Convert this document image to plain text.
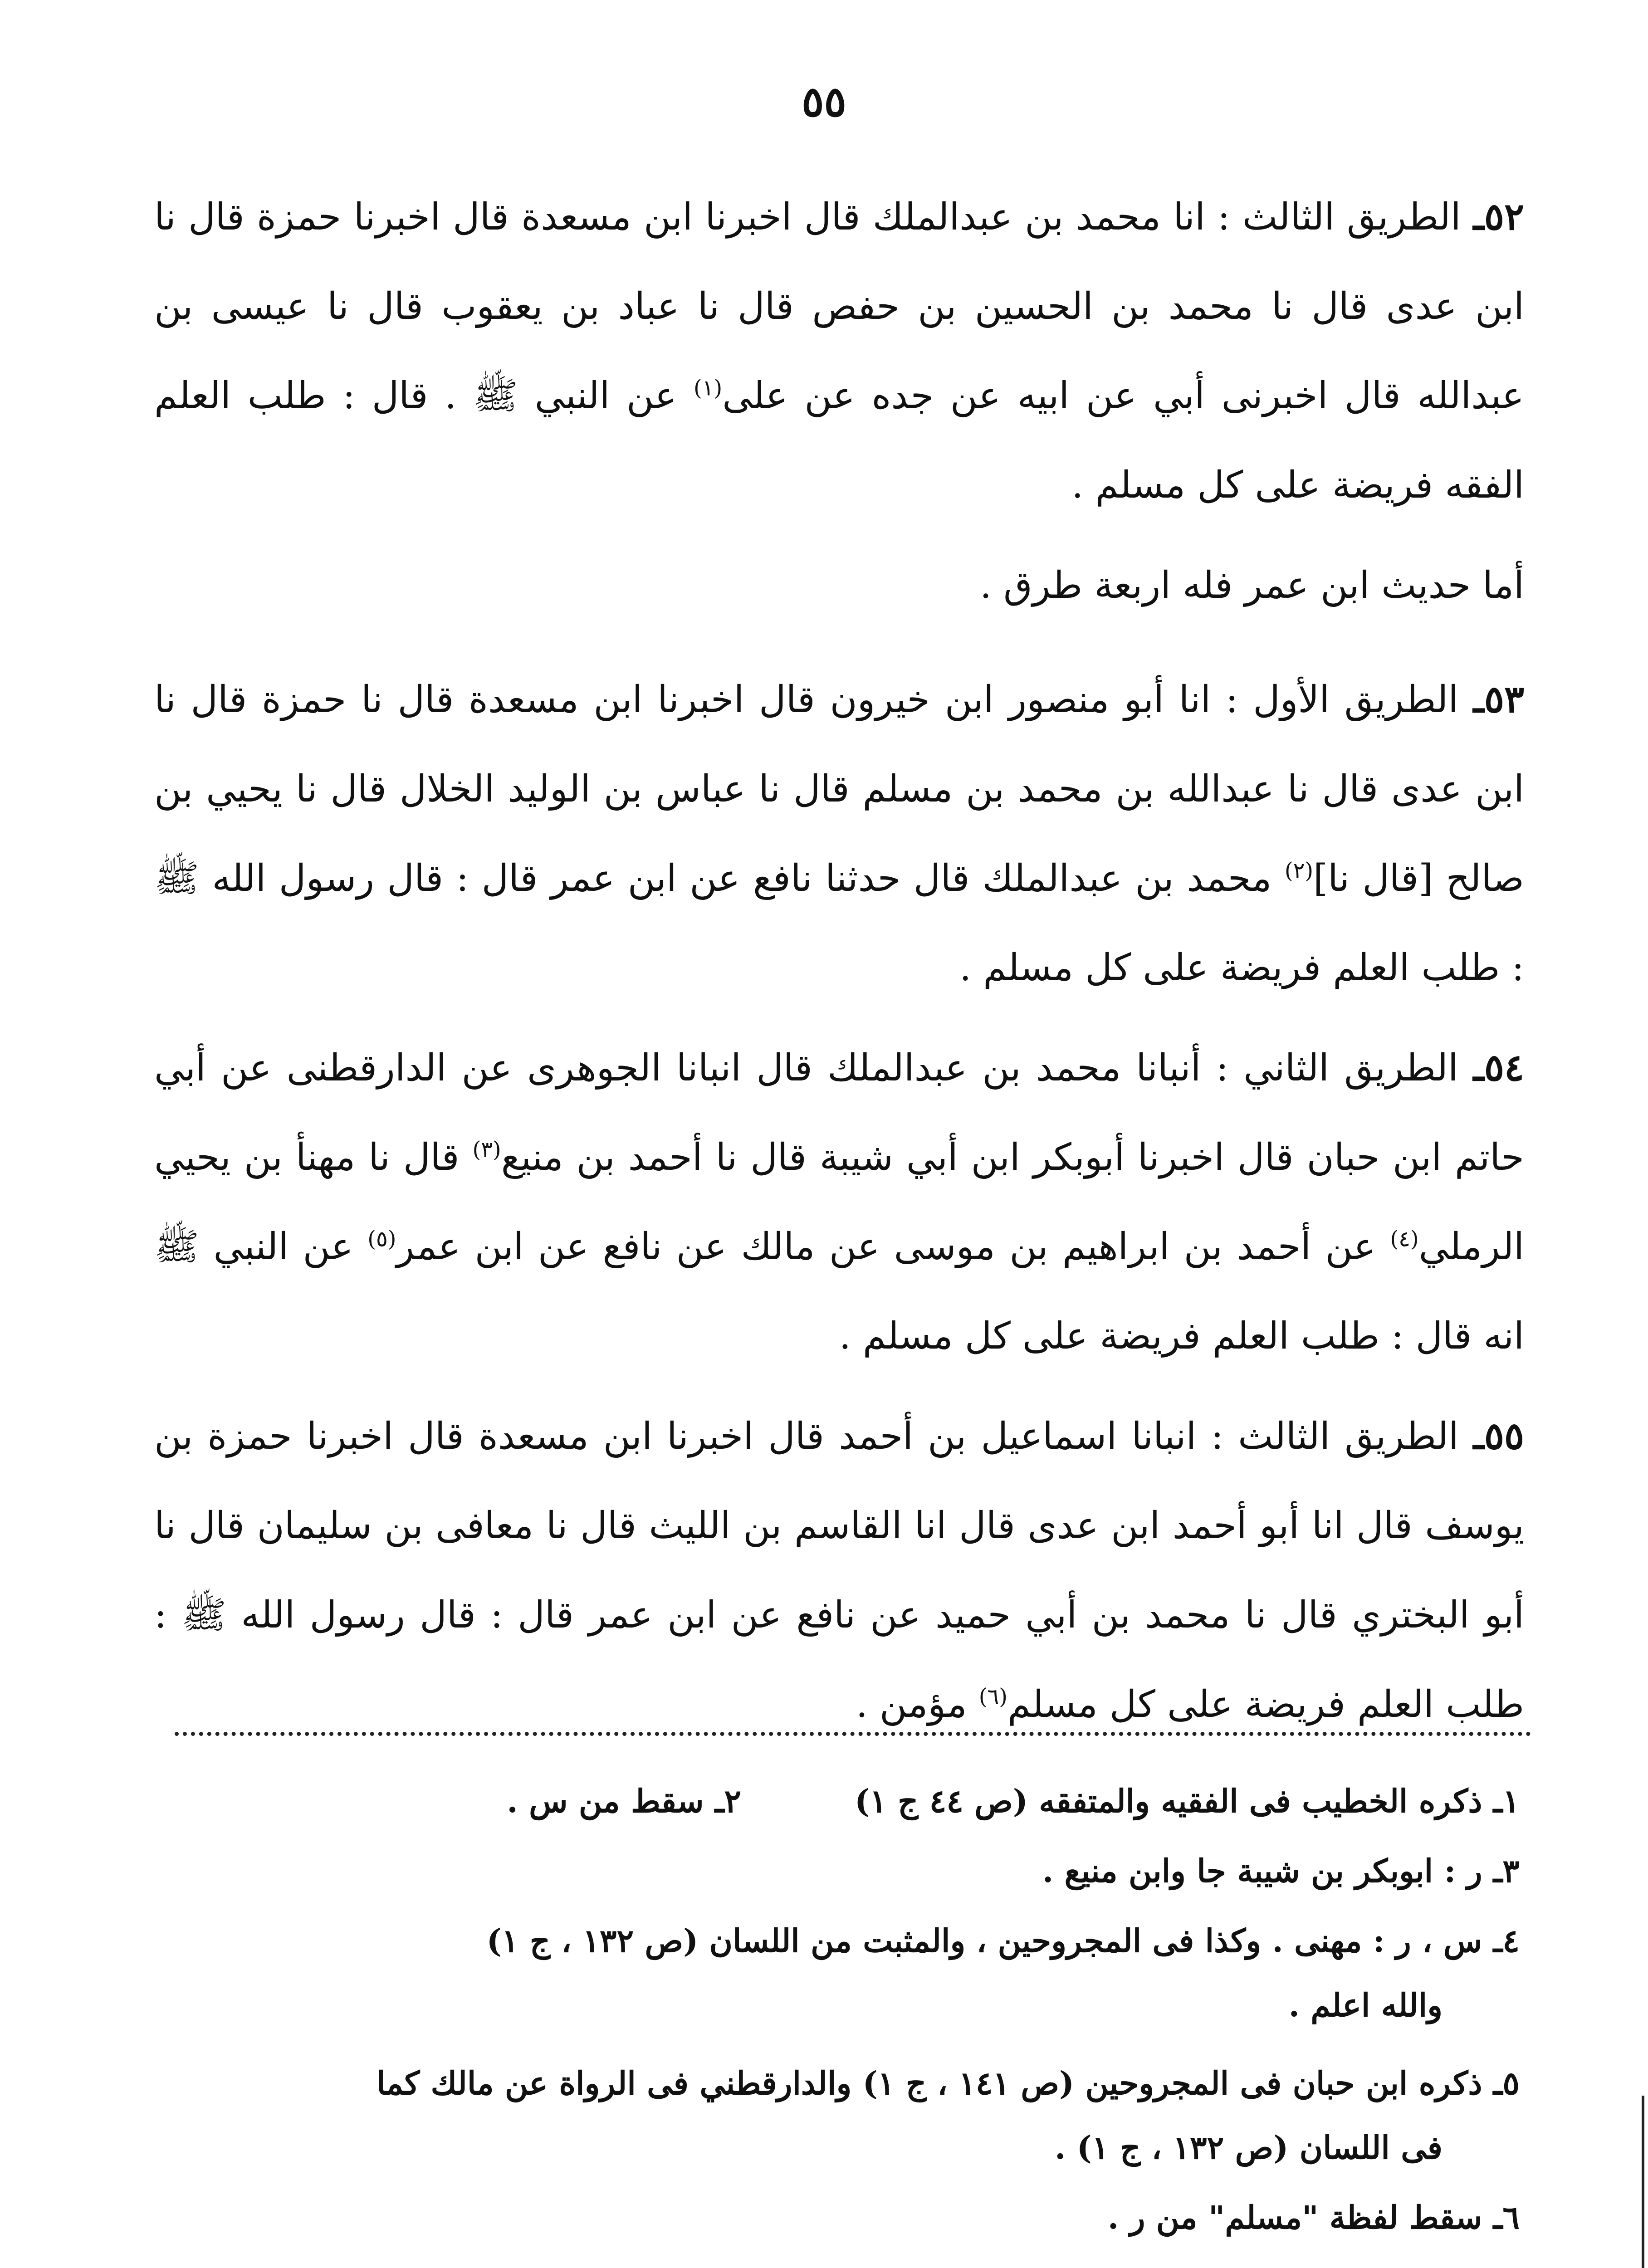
٥٥

٥٢ـ الطريق الثالث : انا محمد بن عبدالملك قال اخبرنا ابن مسعدة قال اخبرنا حمزة قال نا ابن عدى قال نا محمد بن الحسين بن حفص قال نا عباد بن يعقوب قال نا عيسى بن عبدالله قال اخبرنى أبي عن ابيه عن جده عن على$^{(١)}$ عن النبي ﷺ . قال : طلب العلم الفقه فريضة على كل مسلم .

أما حديث ابن عمر فله اربعة طرق .

٥٣ـ الطريق الأول : انا أبو منصور ابن خيرون قال اخبرنا ابن مسعدة قال نا حمزة قال نا ابن عدى قال نا عبدالله بن محمد بن مسلم قال نا عباس بن الوليد الخلال قال نا يحيي بن صالح [قال نا]$^{(٢)}$ محمد بن عبدالملك قال حدثنا نافع عن ابن عمر قال : قال رسول الله ﷺ : طلب العلم فريضة على كل مسلم .

٥٤ـ الطريق الثاني : أنبانا محمد بن عبدالملك قال انبانا الجوهرى عن الدارقطنى عن أبي حاتم ابن حبان قال اخبرنا أبوبكر ابن أبي شيبة قال نا أحمد بن منيع$^{(٣)}$ قال نا مهنأ بن يحيي الرملي$^{(٤)}$ عن أحمد بن ابراهيم بن موسى عن مالك عن نافع عن ابن عمر$^{(٥)}$ عن النبي ﷺ انه قال : طلب العلم فريضة على كل مسلم .

٥٥ـ الطريق الثالث : انبانا اسماعيل بن أحمد قال اخبرنا ابن مسعدة قال اخبرنا حمزة بن يوسف قال انا أبو أحمد ابن عدى قال انا القاسم بن الليث قال نا معافى بن سليمان قال نا أبو البختري قال نا محمد بن أبي حميد عن نافع عن ابن عمر قال : قال رسول الله ﷺ : طلب العلم فريضة على كل مسلم$^{(٦)}$ مؤمن .

١ـ ذكره الخطيب فى الفقيه والمتفقه (ص ٤٤ ج ١)
٢ـ سقط من س .
٣ـ ر : ابوبكر بن شيبة جا وابن منيع .
٤ـ س ، ر : مهنى . وكذا فى المجروحين ، والمثبت من اللسان (ص ١٣٢ ، ج ١)
والله اعلم .
٥ـ ذكره ابن حبان فى المجروحين (ص ١٤١ ، ج ١) والدارقطني فى الرواة عن مالك كما
فى اللسان (ص ١٣٢ ، ج ١) .
٦ـ سقط لفظة "مسلم" من ر .
